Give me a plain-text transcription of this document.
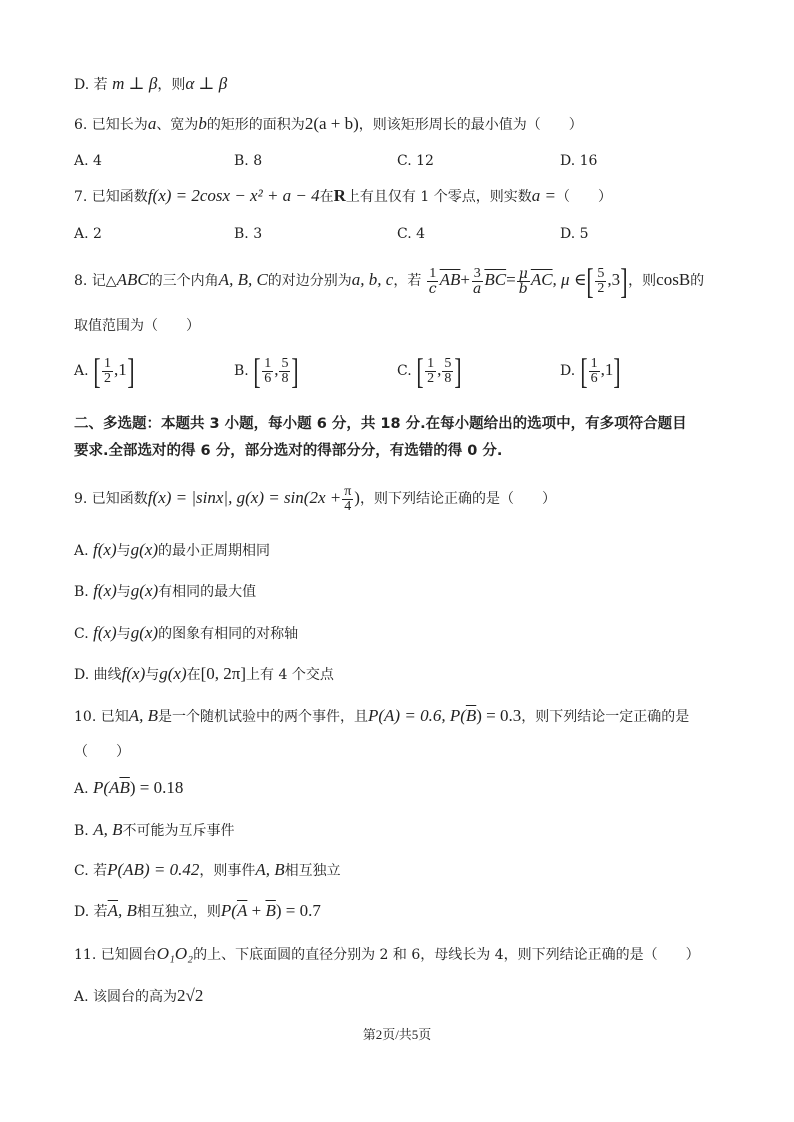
D. 若 m ⊥ β，则α ⊥ β
6. 已知长为a、宽为b的矩形的面积为2(a + b)，则该矩形周长的最小值为（　　）
A. 4	B. 8	C. 12	D. 16
7. 已知函数f(x) = 2cosx − x² + a − 4在R上有且仅有 1 个零点，则实数a =（　　）
A. 2	B. 3	C. 4	D. 5
8. 记△ABC的三个内角A, B, C的对边分别为a, b, c，若 $\frac{1}{c} \overline{AB}+ \frac{3}{a} \overline{BC}= \frac{\mu}{b} \overline{AC}$, μ ∈[ $\frac{5}{2} ,3$]，则cosB的
取值范围为（　　）
A. [ $\frac{1}{2} ,1$]	B. [ $\frac{1}{6}$ , $\frac{5}{8}$ ]	C. [ $\frac{1}{2}$ , $\frac{5}{8}$ ]	D. [ $\frac{1}{6} ,1$]
二、多选题：本题共 3 小题，每小题 6 分，共 18 分.在每小题给出的选项中，有多项符合题目
要求.全部选对的得 6 分，部分选对的得部分分，有选错的得 0 分.
9. 已知函数f(x) = |sinx|, $g(x) = \sin(2x + \frac{\pi}{4}$ )，则下列结论正确的是（　　）
A. f(x)与g(x)的最小正周期相同
B. f(x)与g(x)有相同的最大值
C. f(x)与g(x)的图象有相同的对称轴
D. 曲线f(x)与g(x)在[0, 2π]上有 4 个交点
10. 已知A, B是一个随机试验中的两个事件，且P(A) = 0.6, $P(\overline{B}) = 0.3$，则下列结论一定正确的是
（　　）
A. $P(A\overline{B}) = 0.18$
B. A, B不可能为互斥事件
C. 若P(AB) = 0.42，则事件A, B相互独立
D. 若$\overline{A}$, B相互独立，则$P(\overline{A} + \overline{B}) = 0.7$
11. 已知圆台O₁O₂的上、下底面圆的直径分别为 2 和 6，母线长为 4，则下列结论正确的是（　　）
A. 该圆台的高为2√2
第2页/共5页
